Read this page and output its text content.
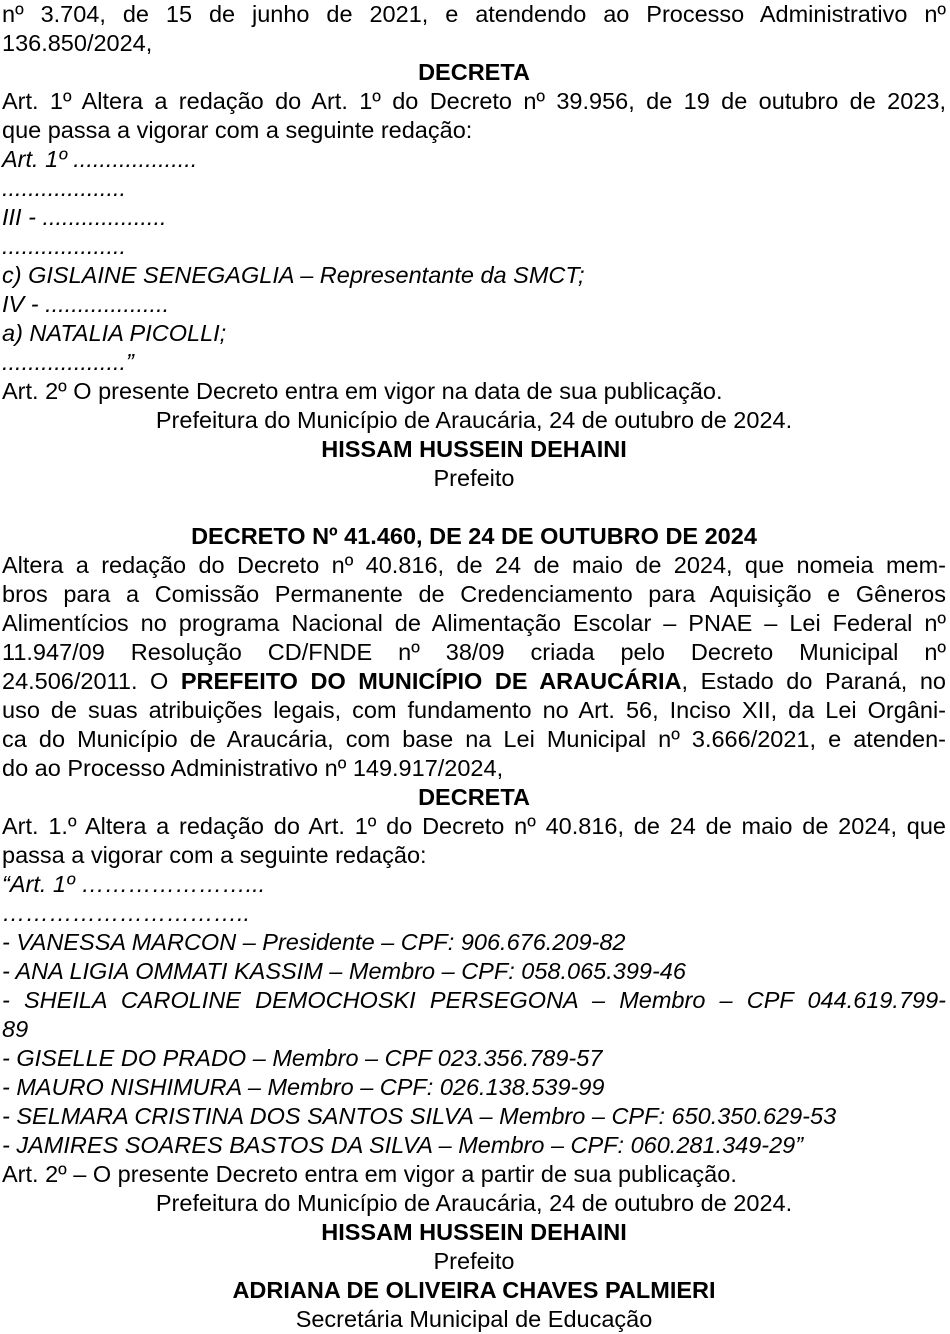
nº 3.704, de 15 de junho de 2021, e atendendo ao Processo Administrativo nº
136.850/2024,
DECRETA
Art. 1º Altera a redação do Art. 1º do Decreto nº 39.956, de 19 de outubro de 2023,
que passa a vigorar com a seguinte redação:
Art. 1º ...................
...................
III - ...................
...................
c) GISLAINE SENEGAGLIA – Representante da SMCT;
IV - ...................
a) NATALIA PICOLLI;
...................”
Art. 2º O presente Decreto entra em vigor na data de sua publicação.
Prefeitura do Município de Araucária, 24 de outubro de 2024.
HISSAM HUSSEIN DEHAINI
Prefeito
DECRETO Nº 41.460, DE 24 DE OUTUBRO DE 2024
Altera a redação do Decreto nº 40.816, de 24 de maio de 2024, que nomeia mem-
bros para a Comissão Permanente de Credenciamento para Aquisição e Gêneros
Alimentícios no programa Nacional de Alimentação Escolar – PNAE – Lei Federal nº
11.947/09 Resolução CD/FNDE nº 38/09 criada pelo Decreto Municipal nº
24.506/2011. O PREFEITO DO MUNICÍPIO DE ARAUCÁRIA, Estado do Paraná, no
uso de suas atribuições legais, com fundamento no Art. 56, Inciso XII, da Lei Orgâni-
ca do Município de Araucária, com base na Lei Municipal nº 3.666/2021, e atenden-
do ao Processo Administrativo nº 149.917/2024,
DECRETA
Art. 1.º Altera a redação do Art. 1º do Decreto nº 40.816, de 24 de maio de 2024, que
passa a vigorar com a seguinte redação:
“Art. 1º …………………...
…………………………..
- VANESSA MARCON – Presidente – CPF: 906.676.209-82
- ANA LIGIA OMMATI KASSIM – Membro – CPF: 058.065.399-46
- SHEILA CAROLINE DEMOCHOSKI PERSEGONA – Membro – CPF 044.619.799-
89
- GISELLE DO PRADO – Membro – CPF 023.356.789-57
- MAURO NISHIMURA – Membro – CPF: 026.138.539-99
- SELMARA CRISTINA DOS SANTOS SILVA – Membro – CPF: 650.350.629-53
- JAMIRES SOARES BASTOS DA SILVA – Membro – CPF: 060.281.349-29”
Art. 2º – O presente Decreto entra em vigor a partir de sua publicação.
Prefeitura do Município de Araucária, 24 de outubro de 2024.
HISSAM HUSSEIN DEHAINI
Prefeito
ADRIANA DE OLIVEIRA CHAVES PALMIERI
Secretária Municipal de Educação
